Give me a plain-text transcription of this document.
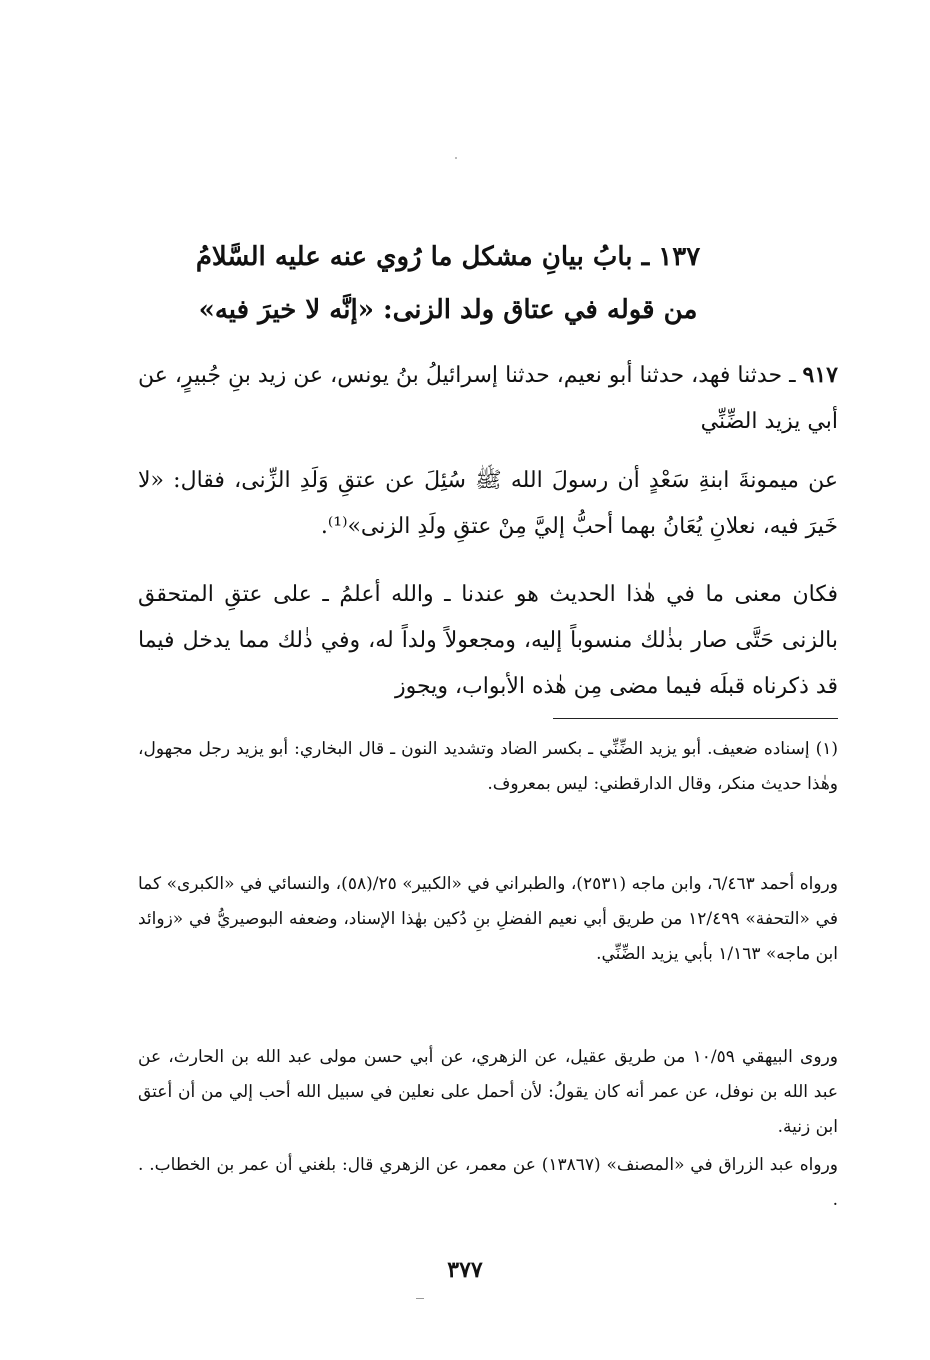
١٣٧ ـ بابُ بيانِ مشكل ما رُوي عنه عليه السَّلامُ
من قوله في عتاق ولد الزنى: «إنَّه لا خيرَ فيه»
٩١٧ ـ حدثنا فهد، حدثنا أبو نعيم، حدثنا إسرائيلُ بنُ يونس، عن زيد بنِ جُبيرٍ، عن أبي يزيد الضِّنِّي
عن ميمونةَ ابنةِ سَعْدٍ أن رسولَ الله ﷺ سُئِلَ عن عتقِ وَلَدِ الزِّنى، فقال: «لا خَيرَ فيه، نعلانِ يُعَانُ بهما أحبُّ إليَّ مِنْ عتقِ ولَدِ الزنى»⁽¹⁾.
فكان معنى ما في هٰذا الحديث هو عندنا ـ والله أعلمُ ـ على عتقِ المتحقق بالزنى حَتَّى صار بذٰلك منسوباً إليه، ومجعولاً ولداً له، وفي ذٰلك مما يدخل فيما قد ذكرناه قبلَه فيما مضى مِن هٰذه الأبواب، ويجوز
(١) إسناده ضعيف. أبو يزيد الضِّنِّي ـ بكسر الضاد وتشديد النون ـ قال البخاري: أبو يزيد رجل مجهول، وهٰذا حديث منكر، وقال الدارقطني: ليس بمعروف.
ورواه أحمد ٦/٤٦٣، وابن ماجه (٢٥٣١)، والطبراني في «الكبير» ٢٥/(٥٨)، والنسائي في «الكبرى» كما في «التحفة» ١٢/٤٩٩ من طريق أبي نعيم الفضلِ بنِ دُكين بهٰذا الإسناد، وضعفه البوصيريُّ في «زوائد ابن ماجه» ١/١٦٣ بأبي يزيد الضِّنِّي.
وروى البيهقي ١٠/٥٩ من طريق عقيل، عن الزهري، عن أبي حسن مولى عبد الله بن الحارث، عن عبد الله بن نوفل، عن عمر أنه كان يقولُ: لأن أحمل على نعلين في سبيل الله أحب إلي من أن أعتق ابن زنية.
ورواه عبد الزراق في «المصنف» (١٣٨٦٧) عن معمر، عن الزهري قال: بلغني أن عمر بن الخطاب. . .
٣٧٧
